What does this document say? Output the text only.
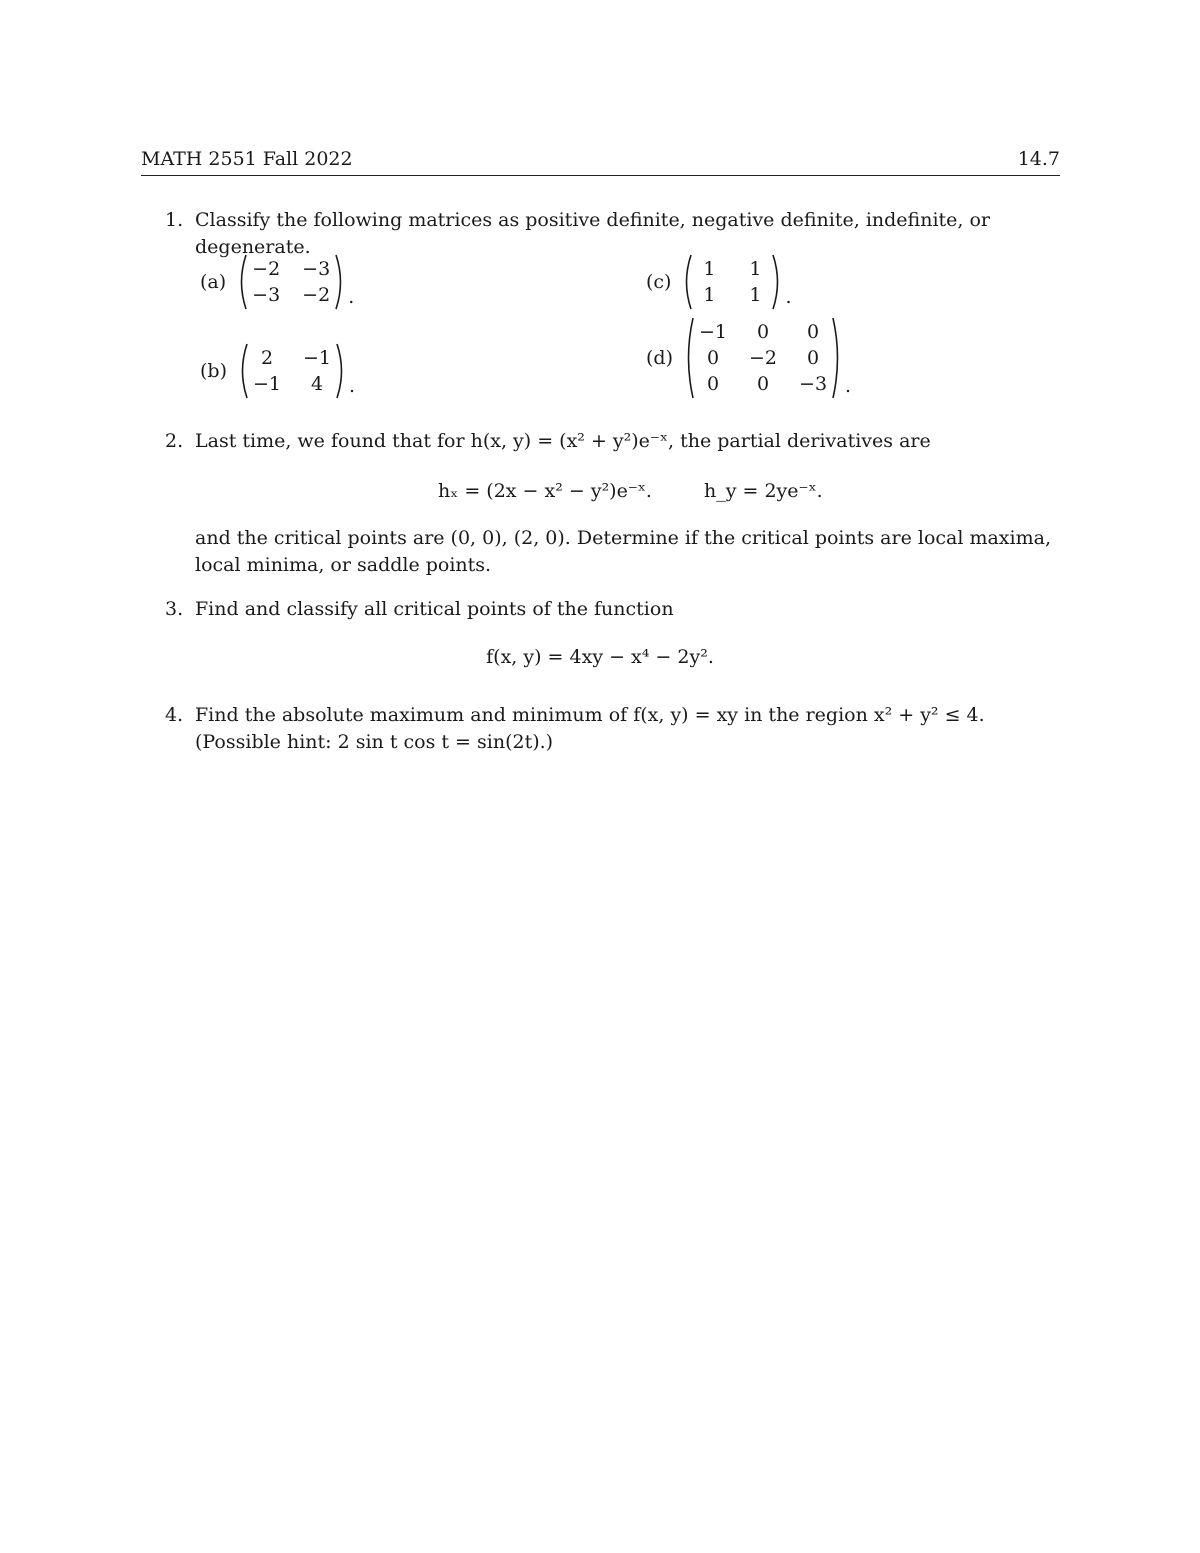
MATH 2551 Fall 2022	14.7
1. Classify the following matrices as positive definite, negative definite, indefinite, or degenerate.
(a)
−2 −3
−3 −2 .
(b)
2	−1
−1	4	.
(c)
1	1
1	1	.
(d)
−1	0	0
0	−2	0
0	0	−3 .
2. Last time, we found that for h(x, y) = (x² + y²)e⁻ˣ, the partial derivatives are
hₓ = (2x − x² − y²)e⁻ˣ.	h_y = 2ye⁻ˣ.
and the critical points are (0, 0), (2, 0). Determine if the critical points are local maxima, local minima, or saddle points.
3. Find and classify all critical points of the function
f(x, y) = 4xy − x⁴ − 2y².
4. Find the absolute maximum and minimum of f(x, y) = xy in the region x² + y² ≤ 4. (Possible hint: 2 sin t cos t = sin(2t).)
